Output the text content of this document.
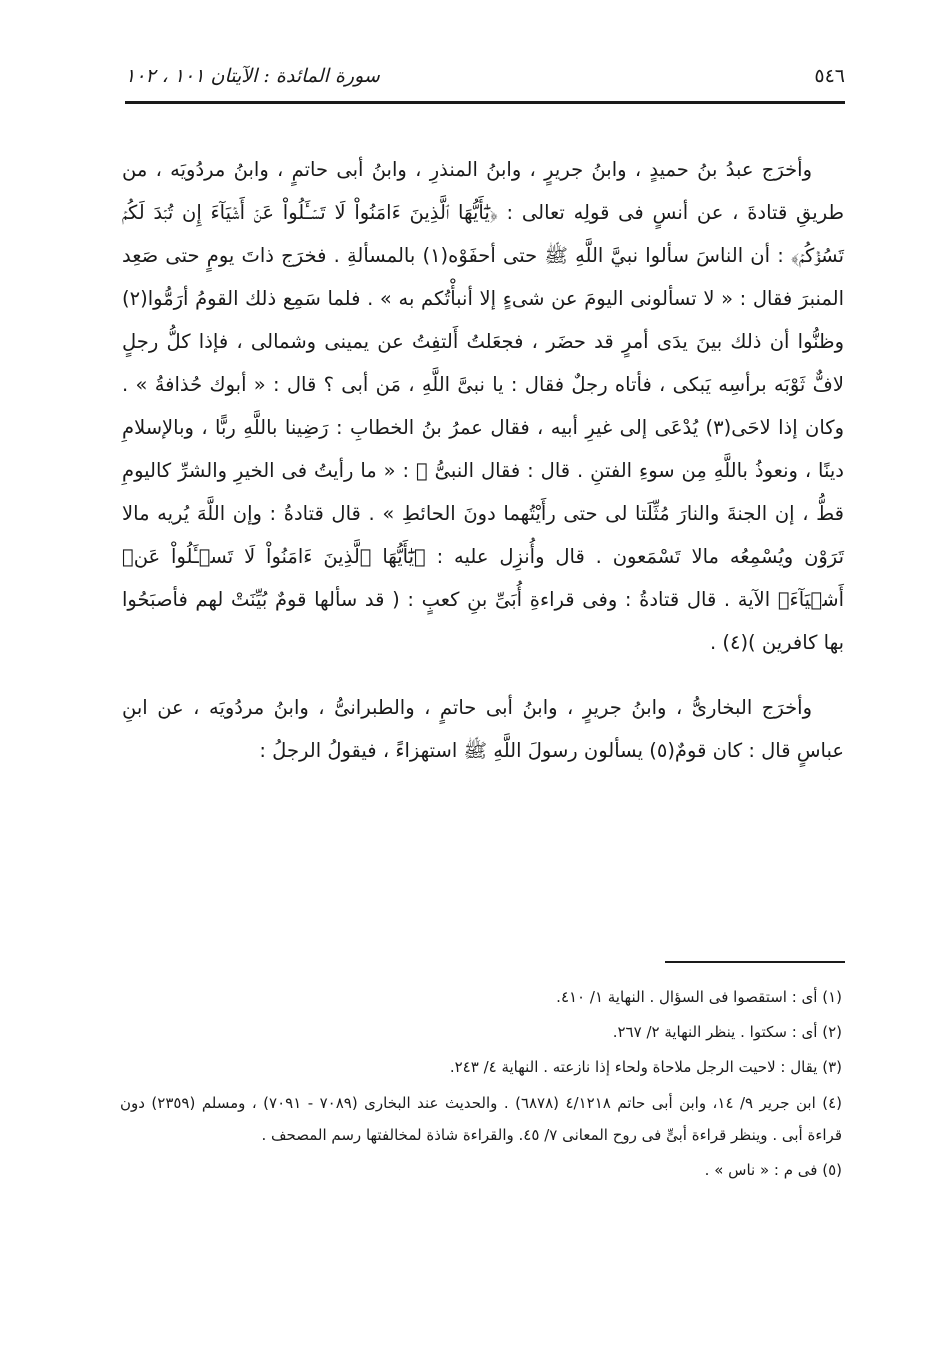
٥٤٦
سورة المائدة : الآيتان ١٠١ ، ١٠٢

وأخرَج عبدُ بنُ حميدٍ ، وابنُ جريرٍ ، وابنُ المنذرِ ، وابنُ أبى حاتمٍ ، وابنُ مردُويَه ، من طريقِ قتادةَ ، عن أنسٍ فى قولِه تعالى : ﴿يَٰٓأَيُّهَا ٱلَّذِينَ ءَامَنُواْ لَا تَسۡـَٔلُواْ عَنۡ أَشۡيَآءَ إِن تُبۡدَ لَكُمۡ تَسُؤۡكُمۡ﴾ : أن الناسَ سألوا نبيَّ اللَّهِ ﷺ حتى أحفَوْه(١) بالمسألةِ . فخرَج ذاتَ يومٍ حتى صَعِد المنبرَ فقال : « لا تسألونى اليومَ عن شىءٍ إلا أنبأْتُكم به » . فلما سَمِع ذلك القومُ أرَمُّوا(٢) وظنُّوا أن ذلك بينَ يدَى أمرٍ قد حضَر ، فجعَلتُ أَلتفِتُ عن يمينى وشمالى ، فإذا كلُّ رجلٍ لافٌّ ثَوْبَه برأسِه يَبكى ، فأتاه رجلٌ فقال : يا نبىَّ اللَّهِ ، مَن أبى ؟ قال : « أبوك حُذافةُ » . وكان إذا لاحَى(٣) يُدْعَى إلى غيرِ أبيه ، فقال عمرُ بنُ الخطابِ : رَضِينا باللَّهِ ربًّا ، وبالإسلامِ دينًا ، ونعوذُ باللَّهِ مِن سوءِ الفتنِ . قال : فقال النبىُّ ﷺ : « ما رأيتُ فى الخيرِ والشرِّ كاليومِ قطُّ ، إن الجنةَ والنارَ مُثِّلَتا لى حتى رأَيْتُهما دونَ الحائطِ » . قال قتادةُ : وإن اللَّهَ يُريه مالا تَرَوْن ويُسْمِعُه مالا تَسْمَعون . قال وأُنزِل عليه : ﴿يَٰٓأَيُّهَا ٱلَّذِينَ ءَامَنُواْ لَا تَسۡـَٔلُواْ عَنۡ أَشۡيَآءَ﴾ الآية . قال قتادةُ : وفى قراءةِ أُبَىِّ بنِ كعبٍ : ( قد سألها قومٌ بُيِّنَتْ لهم فأصبَحُوا بها كافرين )(٤) .

وأخرَج البخارىُّ ، وابنُ جريرٍ ، وابنُ أبى حاتمٍ ، والطبرانىُّ ، وابنُ مردُويَه ، عن ابنِ عباسٍ قال : كان قومٌ(٥) يسألون رسولَ اللَّهِ ﷺ استهزاءً ، فيقولُ الرجلُ :

(١) أى : استقصوا فى السؤال . النهاية ١/ ٤١٠.

(٢) أى : سكتوا . ينظر النهاية ٢/ ٢٦٧.

(٣) يقال : لاحيت الرجل ملاحاة ولحاء إذا نازعته . النهاية ٤/ ٢٤٣.

(٤) ابن جرير ٩/ ١٤، وابن أبى حاتم ٤/١٢١٨ (٦٨٧٨) . والحديث عند البخارى (٧٠٨٩ - ٧٠٩١) ، ومسلم (٢٣٥٩) دون قراءة أبى . وينظر قراءة أبىٍّ فى روح المعانى ٧/ ٤٥. والقراءة شاذة لمخالفتها رسم المصحف .

(٥) فى م : « ناس » .
